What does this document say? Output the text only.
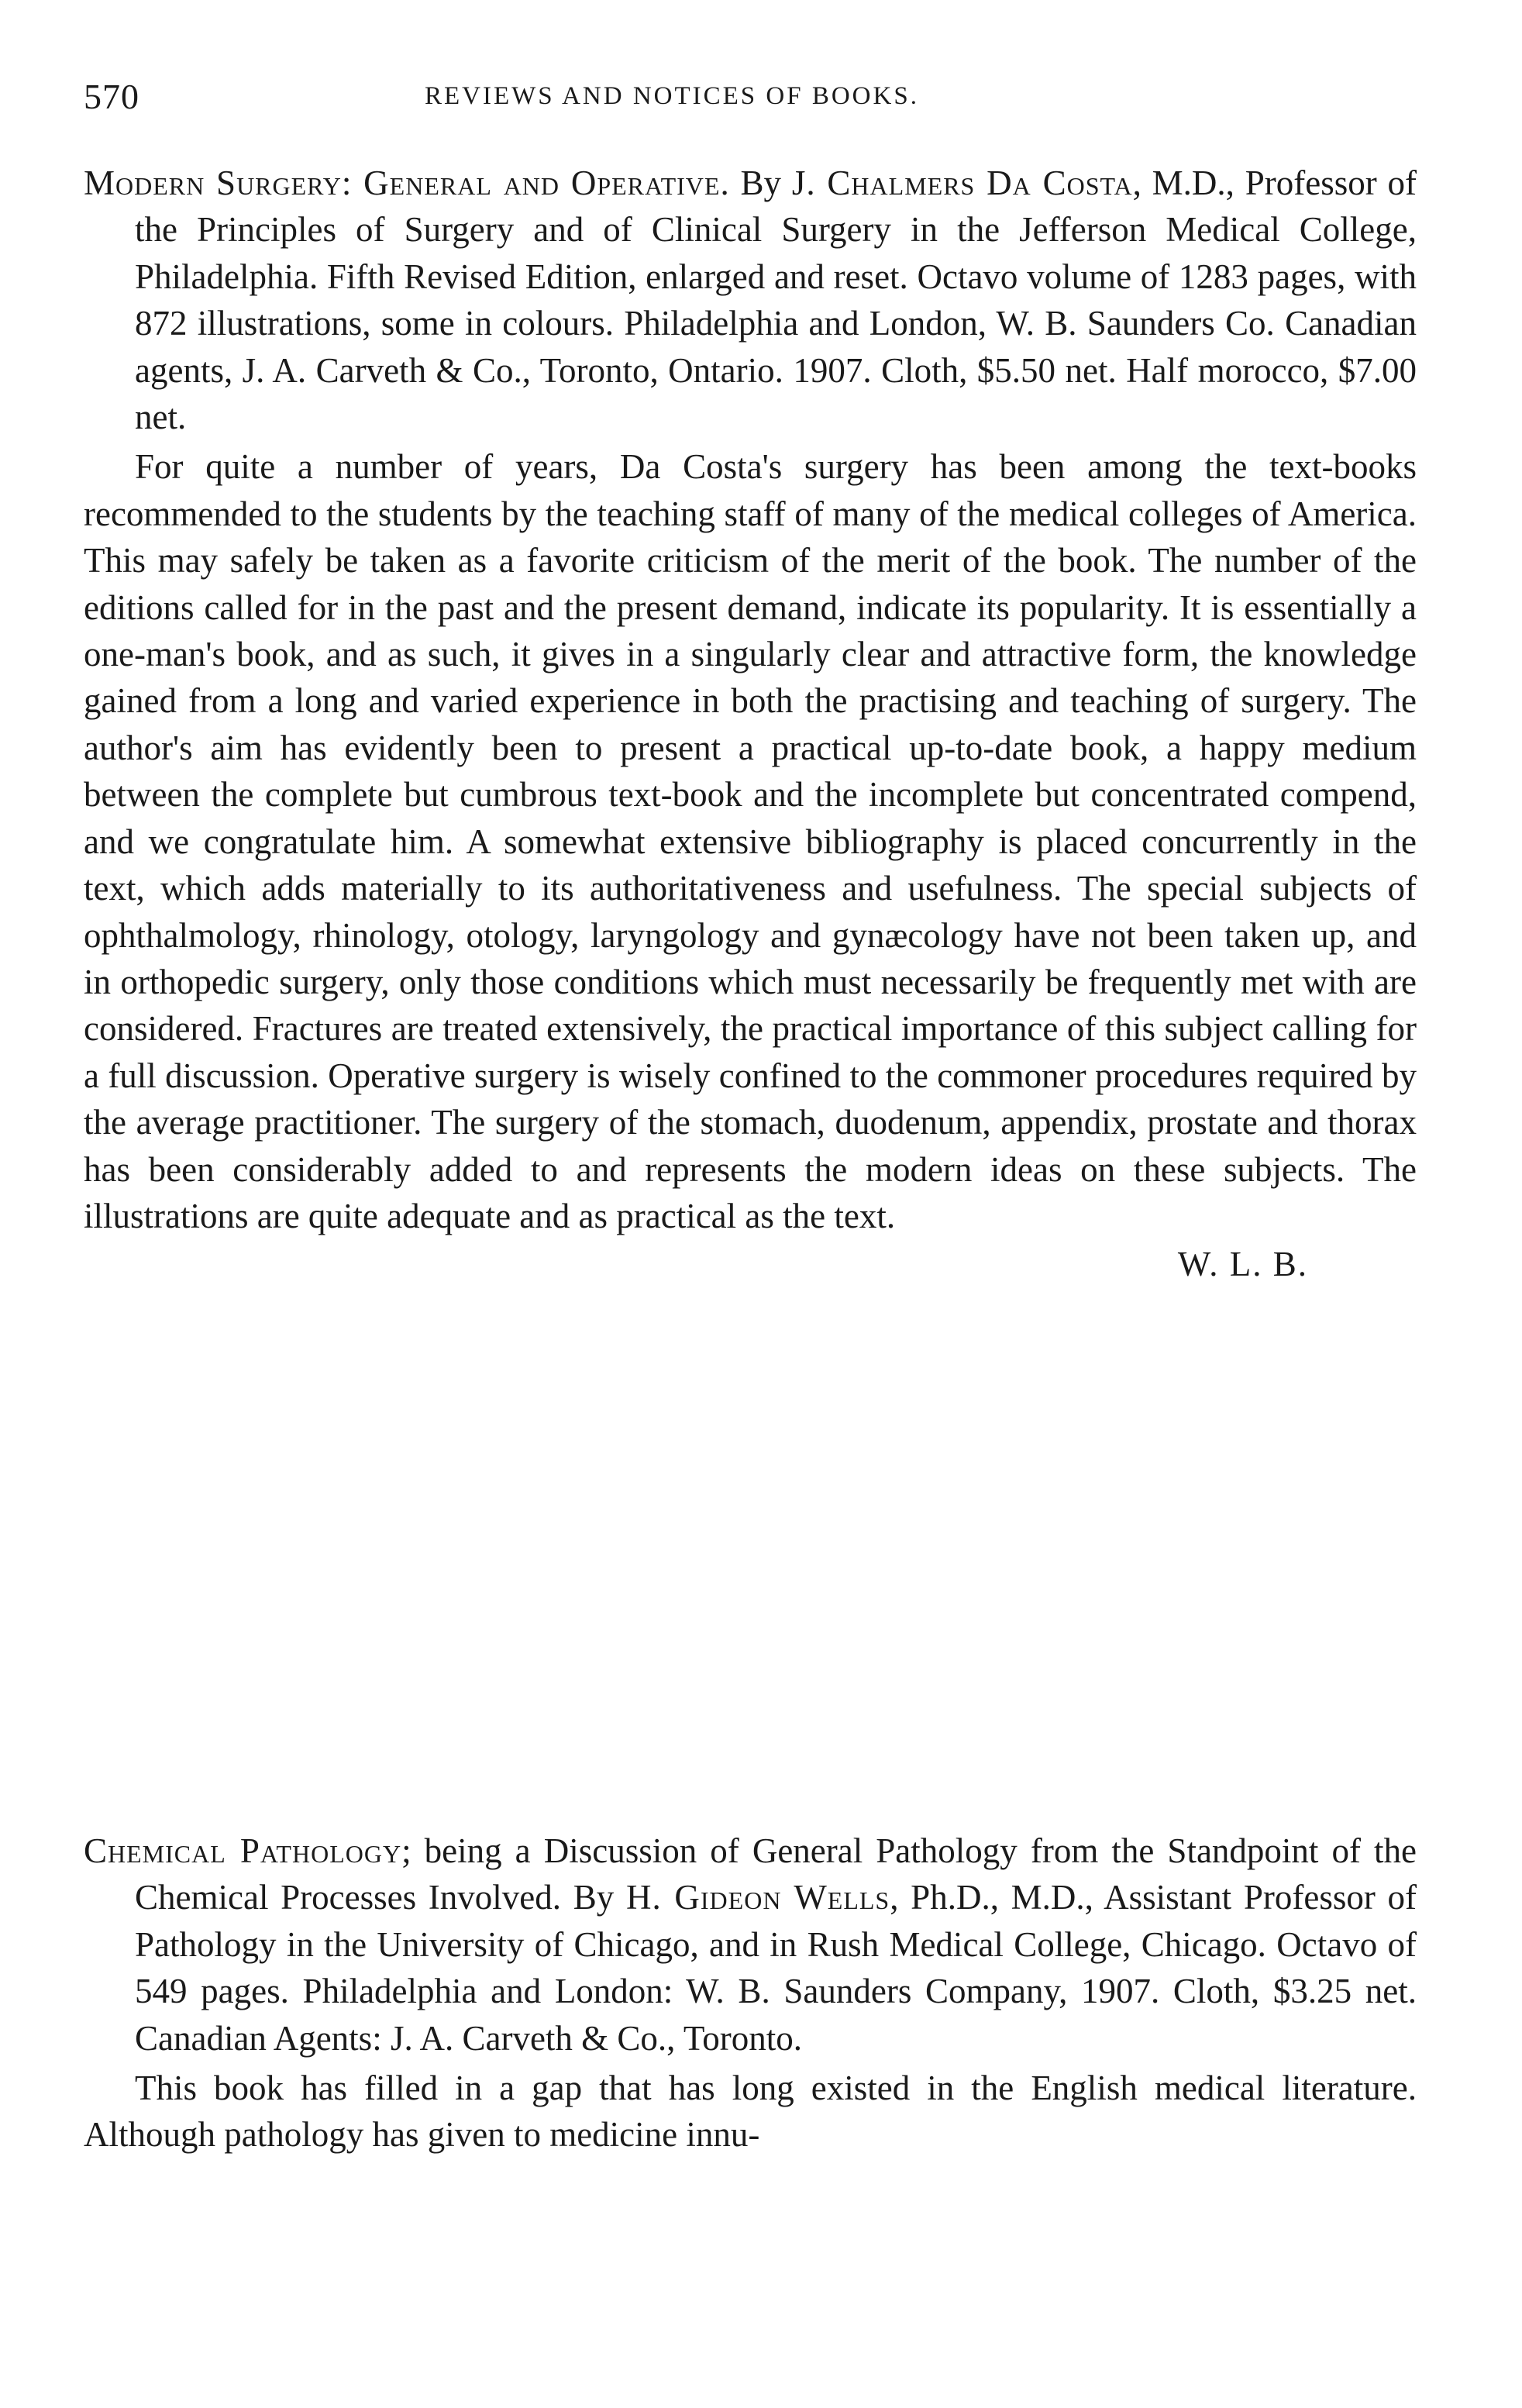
570	REVIEWS AND NOTICES OF BOOKS.
Modern Surgery: General and Operative. By J. Chalmers Da Costa, M.D., Professor of the Principles of Surgery and of Clinical Surgery in the Jefferson Medical College, Philadelphia. Fifth Revised Edition, enlarged and reset. Octavo volume of 1283 pages, with 872 illustrations, some in colours. Philadelphia and London, W. B. Saunders Co. Canadian agents, J. A. Carveth & Co., Toronto, Ontario. 1907. Cloth, $5.50 net. Half morocco, $7.00 net.
For quite a number of years, Da Costa's surgery has been among the text-books recommended to the students by the teaching staff of many of the medical colleges of America. This may safely be taken as a favorite criticism of the merit of the book. The number of the editions called for in the past and the present demand, indicate its popularity. It is essentially a one-man's book, and as such, it gives in a singularly clear and attractive form, the knowledge gained from a long and varied experience in both the practising and teaching of surgery. The author's aim has evidently been to present a practical up-to-date book, a happy medium between the complete but cumbrous text-book and the incomplete but concentrated compend, and we congratulate him. A somewhat extensive bibliography is placed concurrently in the text, which adds materially to its authoritativeness and usefulness. The special subjects of ophthalmology, rhinology, otology, laryngology and gynæcology have not been taken up, and in orthopedic surgery, only those conditions which must necessarily be frequently met with are considered. Fractures are treated extensively, the practical importance of this subject calling for a full discussion. Operative surgery is wisely confined to the commoner procedures required by the average practitioner. The surgery of the stomach, duodenum, appendix, prostate and thorax has been considerably added to and represents the modern ideas on these subjects. The illustrations are quite adequate and as practical as the text.
W. L. B.
Chemical Pathology; being a Discussion of General Pathology from the Standpoint of the Chemical Processes Involved. By H. Gideon Wells, Ph.D., M.D., Assistant Professor of Pathology in the University of Chicago, and in Rush Medical College, Chicago. Octavo of 549 pages. Philadelphia and London: W. B. Saunders Company, 1907. Cloth, $3.25 net. Canadian Agents: J. A. Carveth & Co., Toronto.
This book has filled in a gap that has long existed in the English medical literature. Although pathology has given to medicine innu-
